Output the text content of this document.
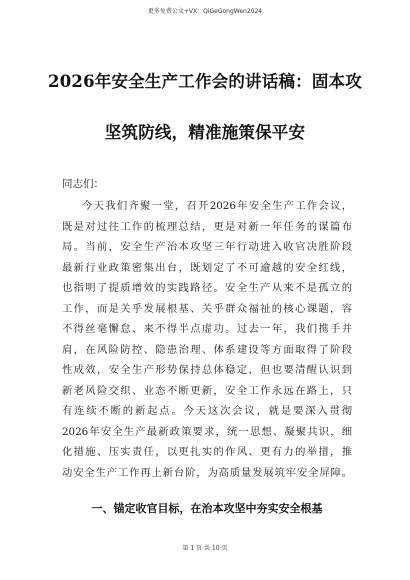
更多免费公文+VX：QiGeGongWen2024
2026年安全生产工作会的讲话稿：固本攻
坚筑防线，精准施策保平安
同志们：
今天我们齐聚一堂，召开2026年安全生产工作会议，
既是对过往工作的梳理总结，更是对新一年任务的谋篇布
局。当前，安全生产治本攻坚三年行动进入收官决胜阶段
最新行业政策密集出台，既划定了不可逾越的安全红线，
也指明了提质增效的实践路径。安全生产从来不是孤立的
工作，而是关乎发展根基、关乎群众福祉的核心课题，容
不得丝毫懈怠、来不得半点虚功。过去一年，我们携手并
肩，在风险防控、隐患治理、体系建设等方面取得了阶段
性成效，安全生产形势保持总体稳定，但也要清醒认识到
新老风险交织、业态不断更新，安全工作永远在路上，只
有连续不断的新起点。今天这次会议，就是要深入贯彻
2026年安全生产最新政策要求，统一思想、凝聚共识，细
化措施、压实责任，以更扎实的作风、更有力的举措，推
动安全生产工作再上新台阶，为高质量发展筑牢安全屏障。
一、锚定收官目标，在治本攻坚中夯实安全根基
第 1 页 共 10 页
